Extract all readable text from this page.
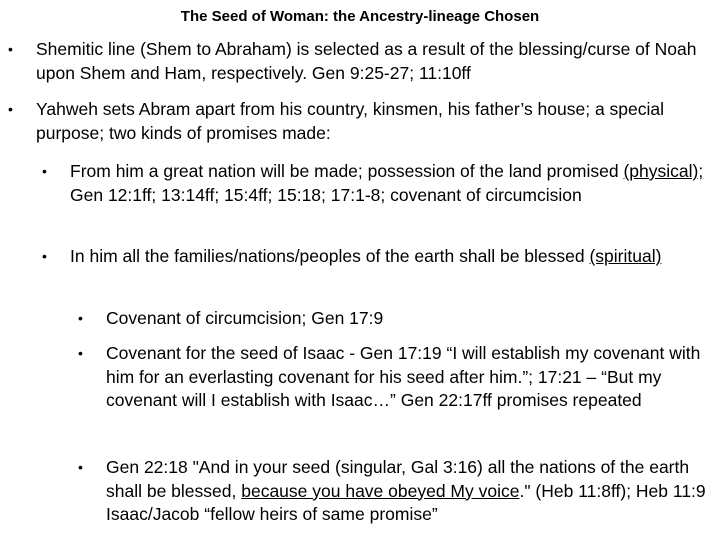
The Seed of Woman: the Ancestry-lineage Chosen
• Shemitic line (Shem to Abraham) is selected as a result of the blessing/curse of Noah upon Shem and Ham, respectively. Gen 9:25-27; 11:10ff
• Yahweh sets Abram apart from his country, kinsmen, his father’s house; a special purpose; two kinds of promises made:
• From him a great nation will be made; possession of the land promised (physical); Gen 12:1ff; 13:14ff; 15:4ff; 15:18; 17:1-8; covenant of circumcision
• In him all the families/nations/peoples of the earth shall be blessed (spiritual)
• Covenant of circumcision; Gen 17:9
• Covenant for the seed of Isaac - Gen 17:19 “I will establish my covenant with him for an everlasting covenant for his seed after him.”; 17:21 – “But my covenant will I establish with Isaac…” Gen 22:17ff promises repeated
• Gen 22:18 "And in your seed (singular, Gal 3:16) all the nations of the earth shall be blessed, because you have obeyed My voice." (Heb 11:8ff); Heb 11:9 Isaac/Jacob “fellow heirs of same promise”
